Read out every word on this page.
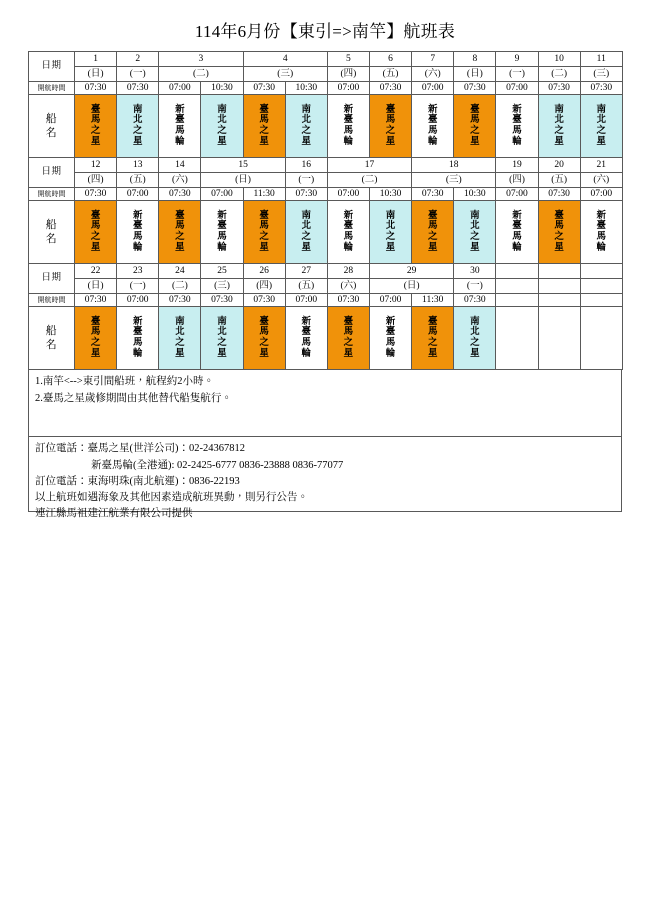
114年6月份【東引=>南竿】航班表
日期	1	2	3		4		5	6	7	8	9	10	11
	(日)	(一)	(二)		(三)		(四)	(五)	(六)	(日)	(一)	(二)	(三)
開航時間	07:30	07:30	07:00	10:30	07:30	10:30	07:00	07:30	07:00	07:30	07:00	07:30	07:30

船
名	臺
馬
之
星	南
北
之
星	新
臺
馬
輪	南
北
之
星	臺
馬
之
星	南
北
之
星	新
臺
馬
輪	臺
馬
之
星	新
臺
馬
輪	臺
馬
之
星	新
臺
馬
輪	南
北
之
星	南
北
之
星
日期	12	13	14	15		16	17		18		19	20	21
	(四)	(五)	(六)	(日)		(一)	(二)		(三)		(四)	(五)	(六)
開航時間	07:30	07:00	07:30	07:00	11:30	07:30	07:00	10:30	07:30	10:30	07:00	07:30	07:00

船
名	臺
馬
之
星	新
臺
馬
輪	臺
馬
之
星	新
臺
馬
輪	臺
馬
之
星	南
北
之
星	新
臺
馬
輪	南
北
之
星	臺
馬
之
星	南
北
之
星	新
臺
馬
輪	臺
馬
之
星	新
臺
馬
輪
日期	22	23	24	25	26	27	28	29		30			
	(日)	(一)	(二)	(三)	(四)	(五)	(六)	(日)		(一)			
開航時間	07:30	07:00	07:30	07:30	07:30	07:00	07:30	07:00	11:30	07:30			

船
名	臺
馬
之
星	新
臺
馬
輪	南
北
之
星	南
北
之
星	臺
馬
之
星	新
臺
馬
輪	臺
馬
之
星	新
臺
馬
輪	臺
馬
之
星	南
北
之
星			

1.南竿<-->東引間船班，航程約2小時。
2.臺馬之星歲修期間由其他替代船隻航行。
訂位電話：臺馬之星(世洋公司)：02-24367812
新臺馬輪(全港通): 02-2425-6777 0836-23888 0836-77077
訂位電話：東海明珠(南北航運)：0836-22193
以上航班如遇海象及其他因素造成航班異動，則另行公告。
連江縣馬祖建江航業有限公司提供
